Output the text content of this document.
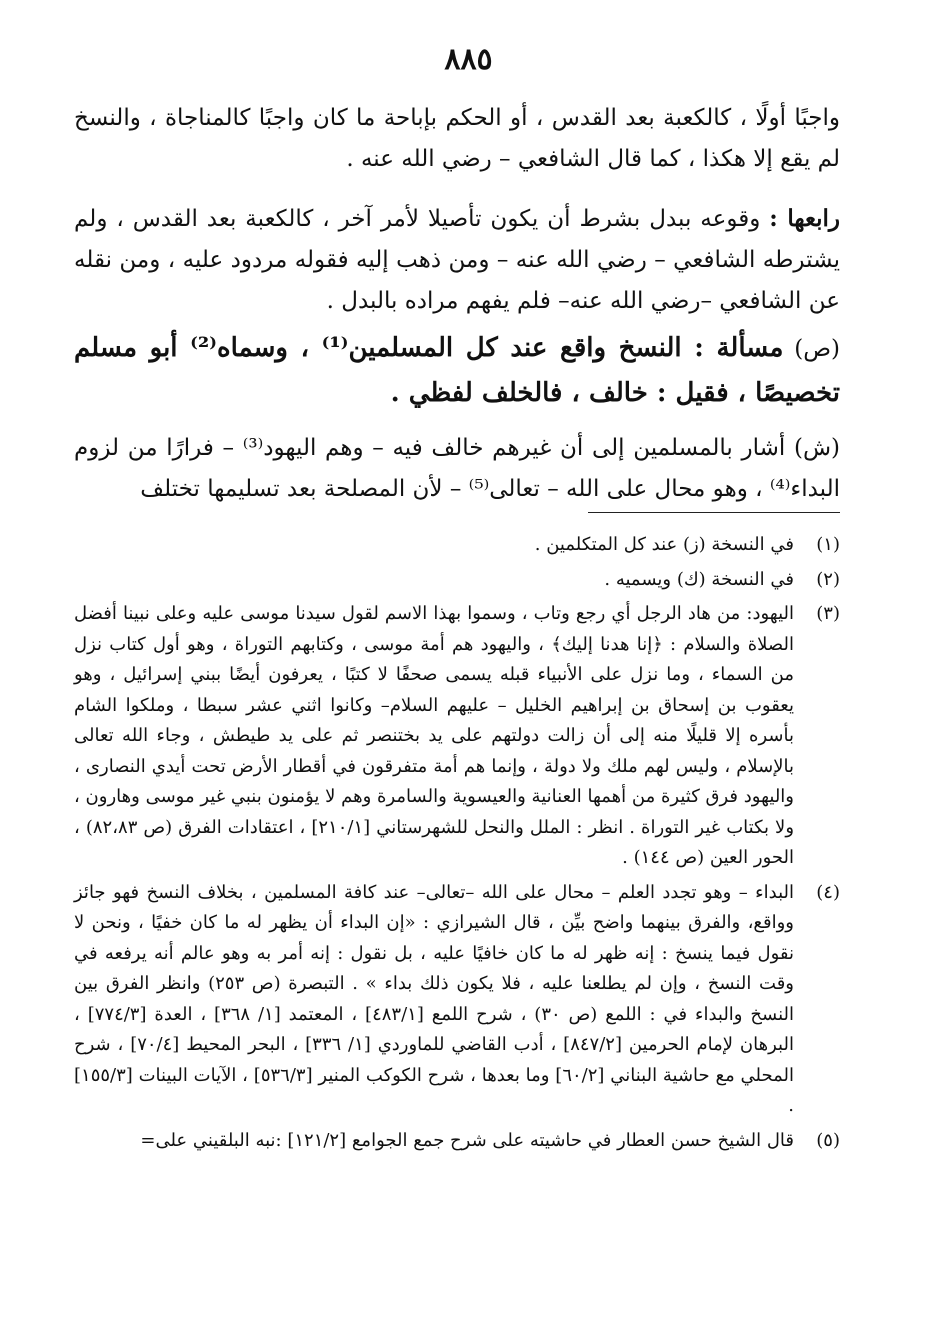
٨٨٥

واجبًا أولًا ، كالكعبة بعد القدس ، أو الحكم بإباحة ما كان واجبًا كالمناجاة ، والنسخ لم يقع إلا هكذا ، كما قال الشافعي – رضي الله عنه .

رابعها : وقوعه ببدل بشرط أن يكون تأصيلا لأمر آخر ، كالكعبة بعد القدس ، ولم يشترطه الشافعي – رضي الله عنه – ومن ذهب إليه فقوله مردود عليه ، ومن نقله عن الشافعي –رضي الله عنه– فلم يفهم مراده بالبدل .

(ص) مسألة : النسخ واقع عند كل المسلمين⁽¹⁾ ، وسماه⁽²⁾ أبو مسلم تخصيصًا ، فقيل : خالف ، فالخلف لفظي .

(ش) أشار بالمسلمين إلى أن غيرهم خالف فيه – وهم اليهود⁽³⁾ – فرارًا من لزوم البداء⁽⁴⁾ ، وهو محال على الله – تعالى⁽⁵⁾ – لأن المصلحة بعد تسليمها تختلف

(١)
في النسخة (ز) عند كل المتكلمين .
(٢)
في النسخة (ك) ويسميه .
(٣)
اليهود: من هاد الرجل أي رجع وتاب ، وسموا بهذا الاسم لقول سيدنا موسى عليه وعلى نبينا أفضل الصلاة والسلام : ﴿إنا هدنا إليك﴾ ، واليهود هم أمة موسى ، وكتابهم التوراة ، وهو أول كتاب نزل من السماء ، وما نزل على الأنبياء قبله يسمى صحفًا لا كتبًا ، يعرفون أيضًا ببني إسرائيل ، وهو يعقوب بن إسحاق بن إبراهيم الخليل – عليهم السلام– وكانوا اثني عشر سبطا ، وملكوا الشام بأسره إلا قليلًا منه إلى أن زالت دولتهم على يد بختنصر ثم على يد طيطش ، وجاء الله تعالى بالإسلام ، وليس لهم ملك ولا دولة ، وإنما هم أمة متفرقون في أقطار الأرض تحت أيدي النصارى ، واليهود فرق كثيرة من أهمها العنانية والعيسوية والسامرة وهم لا يؤمنون بنبي غير موسى وهارون ، ولا بكتاب غير التوراة . انظر : الملل والنحل للشهرستاني [٢١٠/١] ، اعتقادات الفرق (ص ٨٢،٨٣) ، الحور العين (ص ١٤٤) .
(٤)
البداء – وهو تجدد العلم – محال على الله –تعالى– عند كافة المسلمين ، بخلاف النسخ فهو جائز وواقع، والفرق بينهما واضح بيِّن ، قال الشيرازي : «إن البداء أن يظهر له ما كان خفيًا ، ونحن لا نقول فيما ينسخ : إنه ظهر له ما كان خافيًا عليه ، بل نقول : إنه أمر به وهو عالم أنه يرفعه في وقت النسخ ، وإن لم يطلعنا عليه ، فلا يكون ذلك بداء » . التبصرة (ص ٢٥٣) وانظر الفرق بين النسخ والبداء في : اللمع (ص ٣٠) ، شرح اللمع [٤٨٣/١] ، المعتمد [١/ ٣٦٨] ، العدة [٧٧٤/٣] ، البرهان لإمام الحرمين [٨٤٧/٢] ، أدب القاضي للماوردي [١/ ٣٣٦] ، البحر المحيط [٧٠/٤] ، شرح المحلي مع حاشية البناني [٦٠/٢] وما بعدها ، شرح الكوكب المنير [٥٣٦/٣] ، الآيات البينات [١٥٥/٣] .
(٥)
قال الشيخ حسن العطار في حاشيته على شرح جمع الجوامع [١٢١/٢] :نبه البلقيني على=
